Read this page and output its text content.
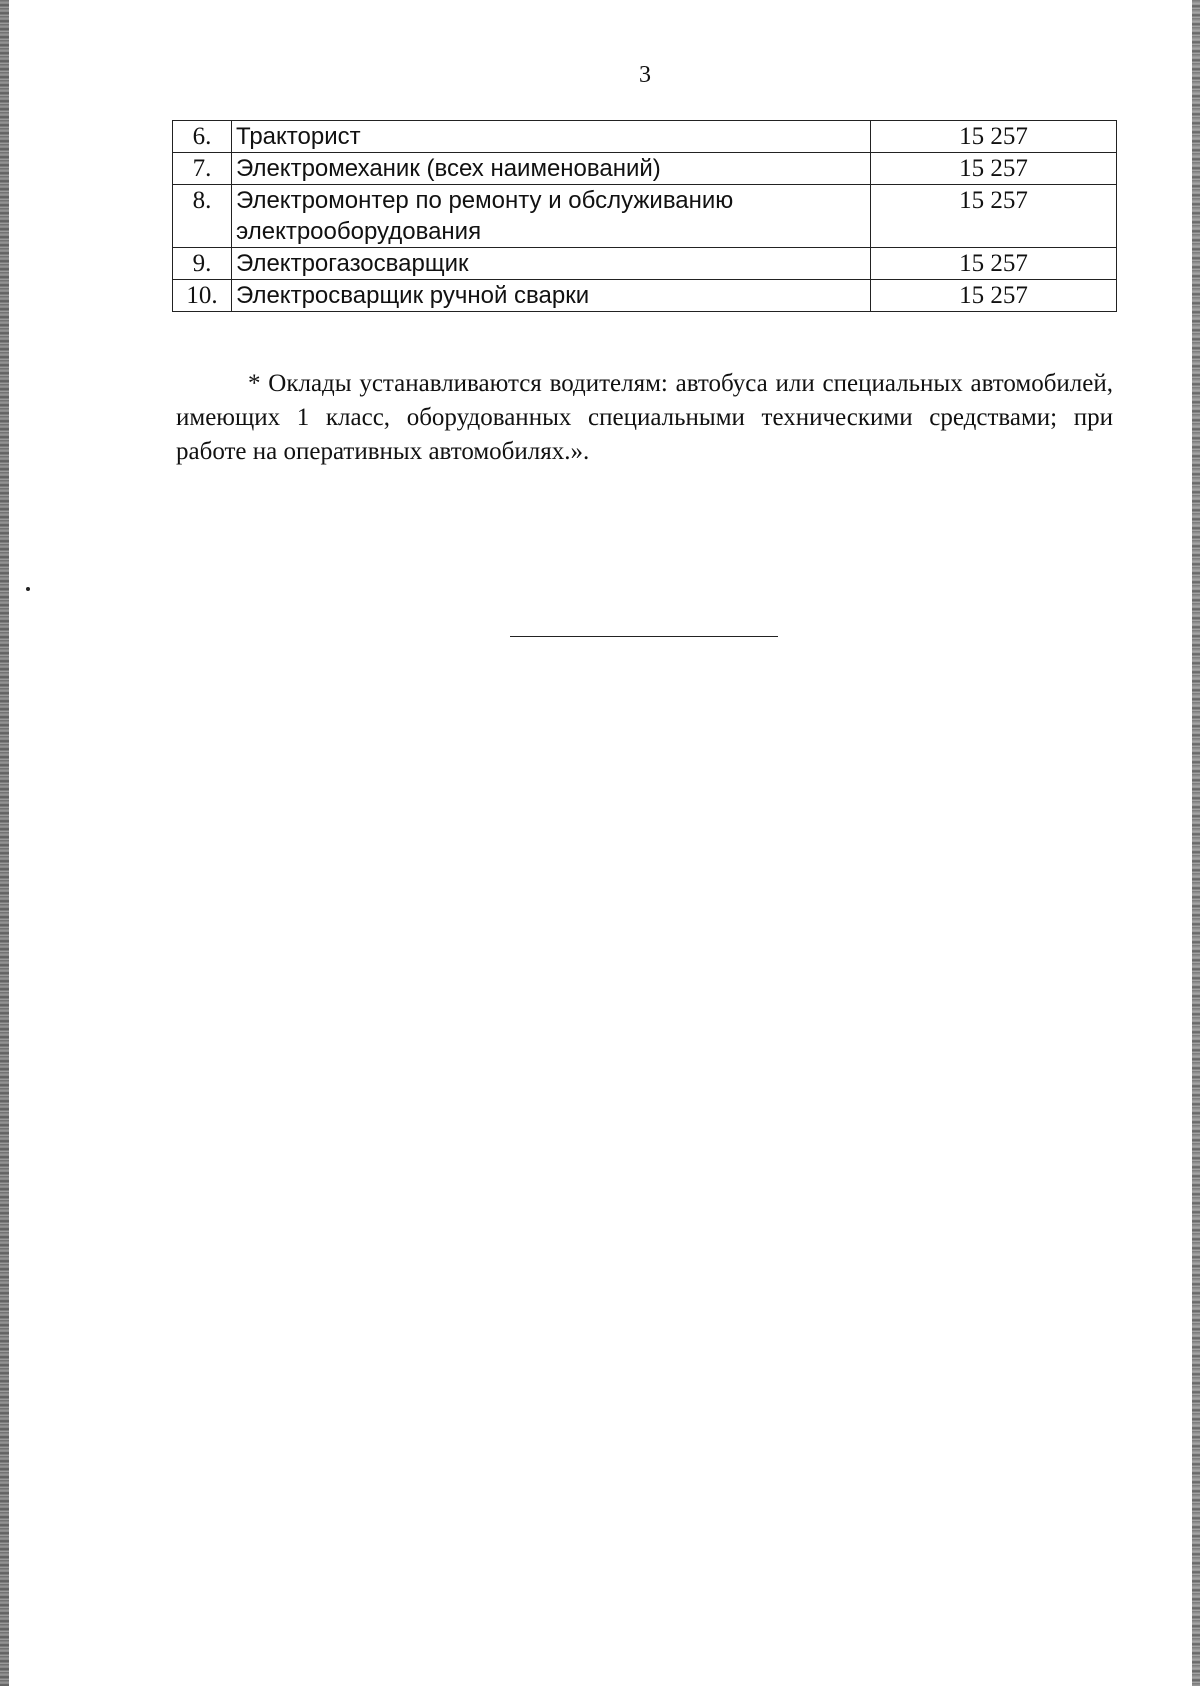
3
6.	Тракторист	15 257
7.	Электромеханик (всех наименований)	15 257
8.	Электромонтер по ремонту и обслуживанию электрооборудования	15 257
9.	Электрогазосварщик	15 257
10.	Электросварщик ручной сварки	15 257

* Оклады устанавливаются водителям: автобуса или специальных автомобилей, имеющих 1 класс, оборудованных специальными техническими средствами; при работе на оперативных автомобилях.».
